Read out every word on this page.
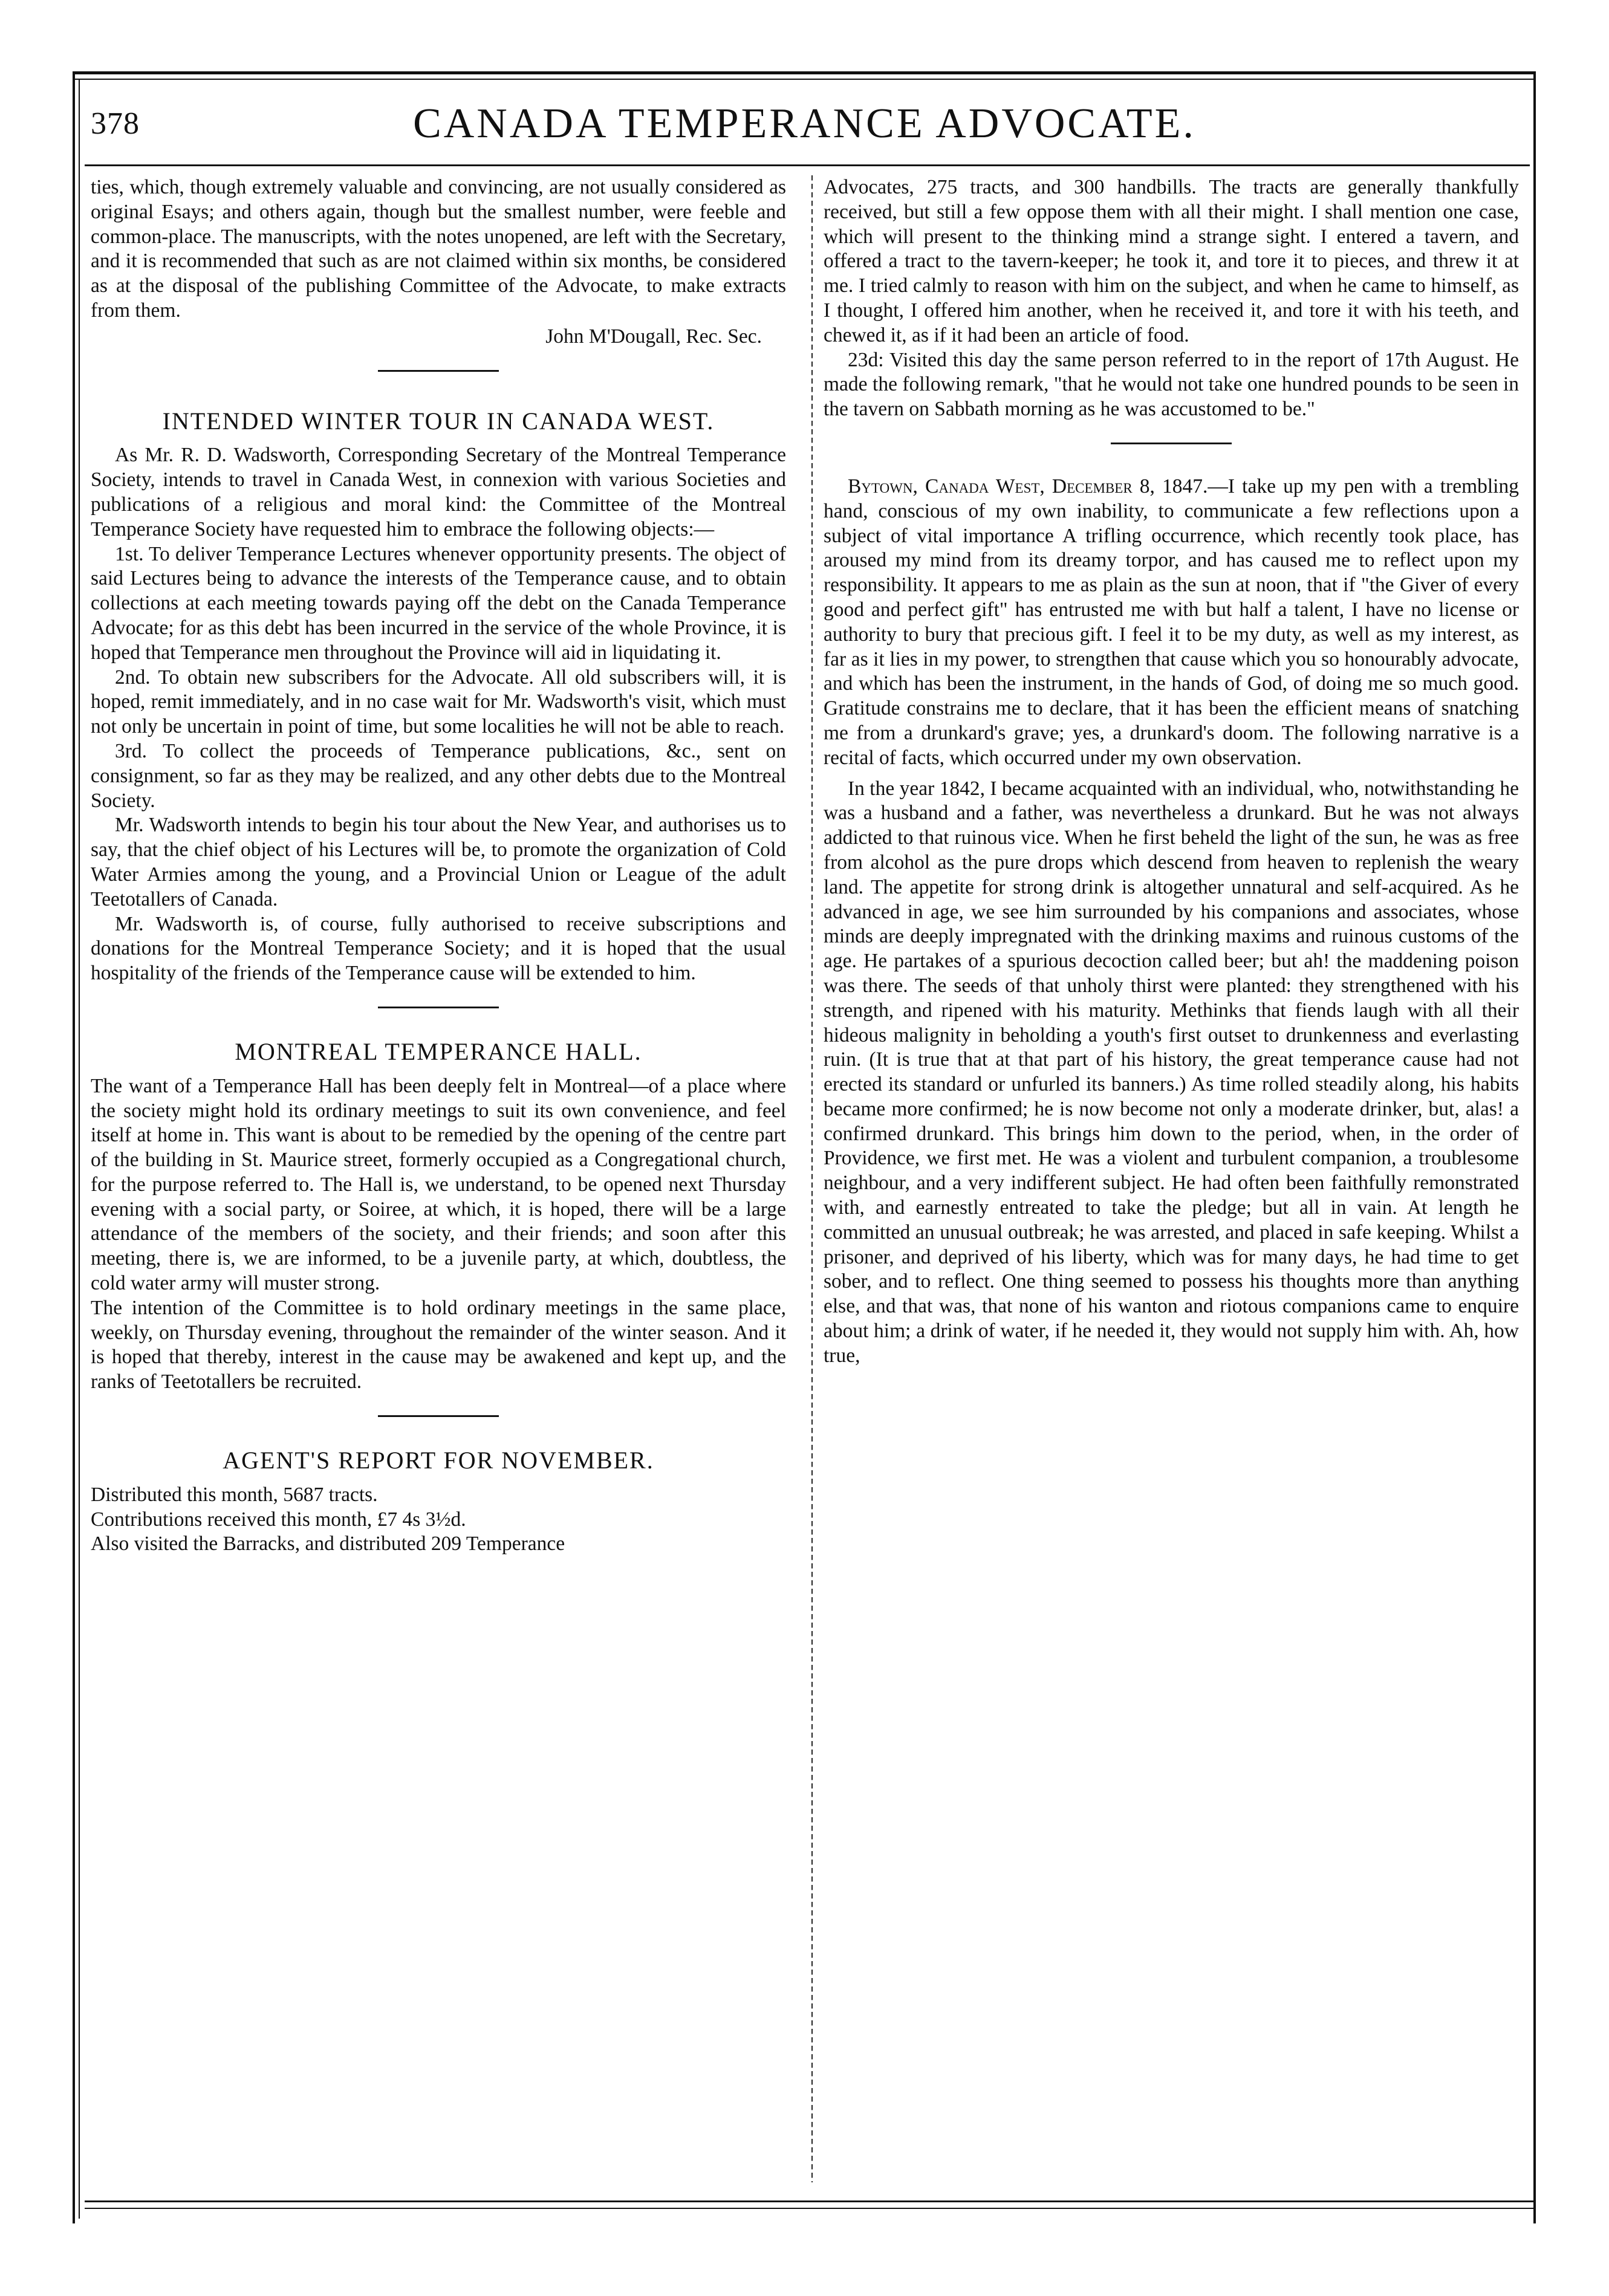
378	CANADA TEMPERANCE ADVOCATE.

ties, which, though extremely valuable and convincing, are not usually considered as original Esays; and others again, though but the smallest number, were feeble and common-place. The manuscripts, with the notes unopened, are left with the Secretary, and it is recommended that such as are not claimed within six months, be considered as at the disposal of the publishing Committee of the Advocate, to make extracts from them.

John M'Dougall, Rec. Sec.
INTENDED WINTER TOUR IN CANADA WEST.

As Mr. R. D. Wadsworth, Corresponding Secretary of the Montreal Temperance Society, intends to travel in Canada West, in connexion with various Societies and publications of a religious and moral kind: the Committee of the Montreal Temperance Society have requested him to embrace the following objects:—

1st. To deliver Temperance Lectures whenever opportunity presents. The object of said Lectures being to advance the interests of the Temperance cause, and to obtain collections at each meeting towards paying off the debt on the Canada Temperance Advocate; for as this debt has been incurred in the service of the whole Province, it is hoped that Temperance men throughout the Province will aid in liquidating it.

2nd. To obtain new subscribers for the Advocate. All old subscribers will, it is hoped, remit immediately, and in no case wait for Mr. Wadsworth's visit, which must not only be uncertain in point of time, but some localities he will not be able to reach.

3rd. To collect the proceeds of Temperance publications, &c., sent on consignment, so far as they may be realized, and any other debts due to the Montreal Society.

Mr. Wadsworth intends to begin his tour about the New Year, and authorises us to say, that the chief object of his Lectures will be, to promote the organization of Cold Water Armies among the young, and a Provincial Union or League of the adult Teetotallers of Canada.

Mr. Wadsworth is, of course, fully authorised to receive subscriptions and donations for the Montreal Temperance Society; and it is hoped that the usual hospitality of the friends of the Temperance cause will be extended to him.

MONTREAL TEMPERANCE HALL.

The want of a Temperance Hall has been deeply felt in Montreal—of a place where the society might hold its ordinary meetings to suit its own convenience, and feel itself at home in. This want is about to be remedied by the opening of the centre part of the building in St. Maurice street, formerly occupied as a Congregational church, for the purpose referred to. The Hall is, we understand, to be opened next Thursday evening with a social party, or Soiree, at which, it is hoped, there will be a large attendance of the members of the society, and their friends; and soon after this meeting, there is, we are informed, to be a juvenile party, at which, doubtless, the cold water army will muster strong.

The intention of the Committee is to hold ordinary meetings in the same place, weekly, on Thursday evening, throughout the remainder of the winter season. And it is hoped that thereby, interest in the cause may be awakened and kept up, and the ranks of Teetotallers be recruited.

AGENT'S REPORT FOR NOVEMBER.

Distributed this month, 5687 tracts.

Contributions received this month, £7 4s 3½d.

Also visited the Barracks, and distributed 209 Temperance

Advocates, 275 tracts, and 300 handbills. The tracts are generally thankfully received, but still a few oppose them with all their might. I shall mention one case, which will present to the thinking mind a strange sight. I entered a tavern, and offered a tract to the tavern-keeper; he took it, and tore it to pieces, and threw it at me. I tried calmly to reason with him on the subject, and when he came to himself, as I thought, I offered him another, when he received it, and tore it with his teeth, and chewed it, as if it had been an article of food.

23d: Visited this day the same person referred to in the report of 17th August. He made the following remark, "that he would not take one hundred pounds to be seen in the tavern on Sabbath morning as he was accustomed to be."

Bytown, Canada West, December 8, 1847.—I take up my pen with a trembling hand, conscious of my own inability, to communicate a few reflections upon a subject of vital importance A trifling occurrence, which recently took place, has aroused my mind from its dreamy torpor, and has caused me to reflect upon my responsibility. It appears to me as plain as the sun at noon, that if "the Giver of every good and perfect gift" has entrusted me with but half a talent, I have no license or authority to bury that precious gift. I feel it to be my duty, as well as my interest, as far as it lies in my power, to strengthen that cause which you so honourably advocate, and which has been the instrument, in the hands of God, of doing me so much good. Gratitude constrains me to declare, that it has been the efficient means of snatching me from a drunkard's grave; yes, a drunkard's doom. The following narrative is a recital of facts, which occurred under my own observation.

In the year 1842, I became acquainted with an individual, who, notwithstanding he was a husband and a father, was nevertheless a drunkard. But he was not always addicted to that ruinous vice. When he first beheld the light of the sun, he was as free from alcohol as the pure drops which descend from heaven to replenish the weary land. The appetite for strong drink is altogether unnatural and self-acquired. As he advanced in age, we see him surrounded by his companions and associates, whose minds are deeply impregnated with the drinking maxims and ruinous customs of the age. He partakes of a spurious decoction called beer; but ah! the maddening poison was there. The seeds of that unholy thirst were planted: they strengthened with his strength, and ripened with his maturity. Methinks that fiends laugh with all their hideous malignity in beholding a youth's first outset to drunkenness and everlasting ruin. (It is true that at that part of his history, the great temperance cause had not erected its standard or unfurled its banners.) As time rolled steadily along, his habits became more confirmed; he is now become not only a moderate drinker, but, alas! a confirmed drunkard. This brings him down to the period, when, in the order of Providence, we first met. He was a violent and turbulent companion, a troublesome neighbour, and a very indifferent subject. He had often been faithfully remonstrated with, and earnestly entreated to take the pledge; but all in vain. At length he committed an unusual outbreak; he was arrested, and placed in safe keeping. Whilst a prisoner, and deprived of his liberty, which was for many days, he had time to get sober, and to reflect. One thing seemed to possess his thoughts more than anything else, and that was, that none of his wanton and riotous companions came to enquire about him; a drink of water, if he needed it, they would not supply him with. Ah, how true,
